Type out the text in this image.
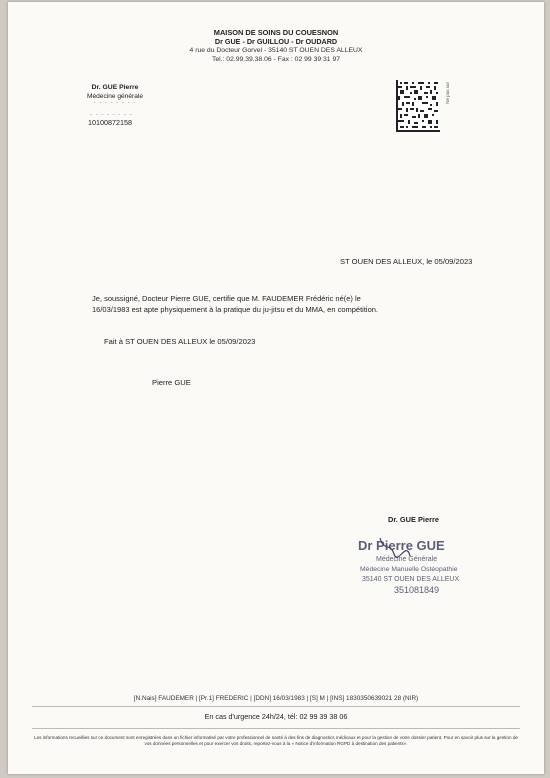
MAISON DE SOINS DU COUESNON
Dr GUE - Dr GUILLOU - Dr OUDARD
4 rue du Docteur Gorvel - 35140 ST OUEN DES ALLEUX
Tel.: 02.99.39.38.06 - Fax : 02 99 39 31 97
Dr. GUE Pierre
Médecine générale
- - - - - - - -
- - - - - - - -
10100872158
Ne pas sur
ST OUEN DES ALLEUX, le 05/09/2023
Je, soussigné, Docteur Pierre GUE, certifie que M. FAUDEMER Frédéric né(e) le
16/03/1983 est apte physiquement à la pratique du ju-jitsu et du MMA, en compétition.
Fait à ST OUEN DES ALLEUX le 05/09/2023
Pierre GUE
Dr. GUE Pierre
Dr Pierre GUE
Médecine Générale
Médecine Manuelle Ostéopathie
35140 ST OUEN DES ALLEUX
351081849
[N.Nais] FAUDEMER | [Pr.1] FREDERIC | [DDN] 16/03/1983 | [S] M | [INS] 1830350639021 28 (NIR)
En cas d'urgence 24h/24, tél: 02 99 39 38 06
Les informations recueillies sur ce document sont enregistrées dans un fichier informatisé par votre professionnel de santé à des fins de diagnostics médicaux et pour la gestion de votre dossier patient. Pour en savoir plus sur la gestion de vos données personnelles et pour exercer vos droits, reportez-vous à la « Notice d'information RGPD à destination des patients».
